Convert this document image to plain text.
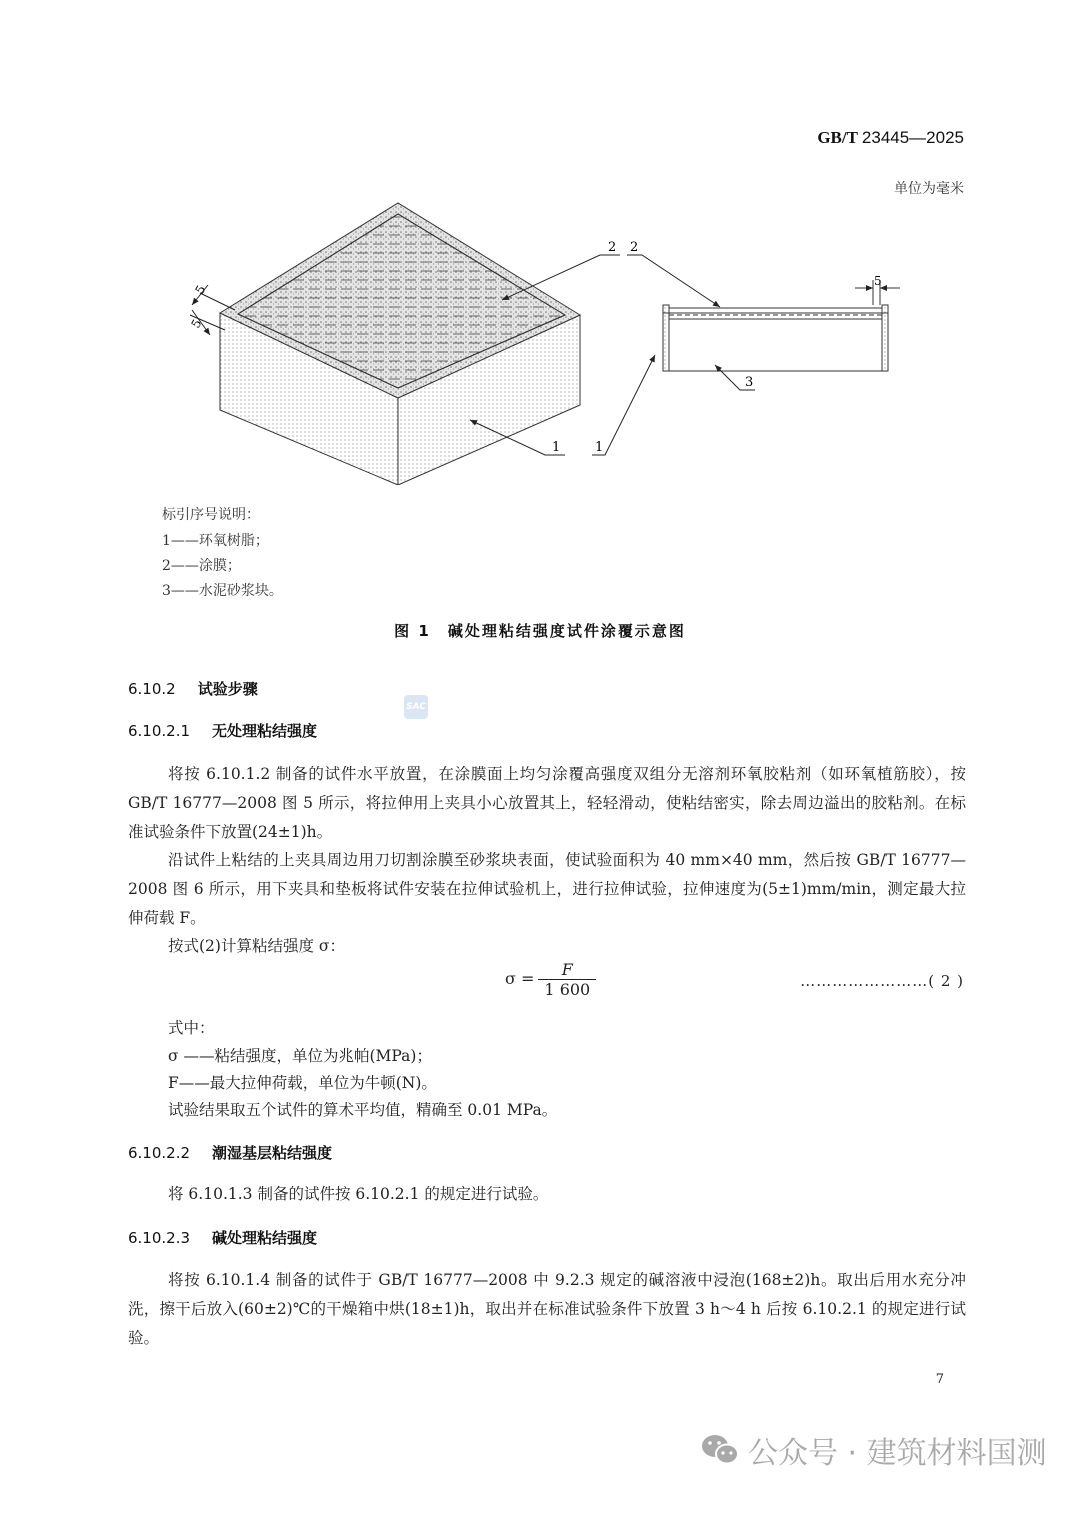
GB/T 23445—2025
单位为毫米
5
5
5
2 2
1	1
3
标引序号说明：
1——环氧树脂；
2——涂膜；
3——水泥砂浆块。
图 1　碱处理粘结强度试件涂覆示意图
6.10.2 试验步骤
SAC
6.10.2.1 无处理粘结强度
将按 6.10.1.2 制备的试件水平放置，在涂膜面上均匀涂覆高强度双组分无溶剂环氧胶粘剂（如环氧植筋胶），按 GB/T 16777—2008 图 5 所示，将拉伸用上夹具小心放置其上，轻轻滑动，使粘结密实，除去周边溢出的胶粘剂。在标准试验条件下放置(24±1)h。
沿试件上粘结的上夹具周边用刀切割涂膜至砂浆块表面，使试验面积为 40 mm×40 mm，然后按 GB/T 16777—2008 图 6 所示，用下夹具和垫板将试件安装在拉伸试验机上，进行拉伸试验，拉伸速度为(5±1)mm/min，测定最大拉伸荷载 F。
按式(2)计算粘结强度 σ：
$\sigma = \frac{F}{1 600}$	……………………( 2 )
式中：
σ ——粘结强度，单位为兆帕(MPa)；
F——最大拉伸荷载，单位为牛顿(N)。
试验结果取五个试件的算术平均值，精确至 0.01 MPa。
6.10.2.2 潮湿基层粘结强度
将 6.10.1.3 制备的试件按 6.10.2.1 的规定进行试验。
6.10.2.3 碱处理粘结强度
将按 6.10.1.4 制备的试件于 GB/T 16777—2008 中 9.2.3 规定的碱溶液中浸泡(168±2)h。取出后用水充分冲洗，擦干后放入(60±2)℃的干燥箱中烘(18±1)h，取出并在标准试验条件下放置 3 h～4 h 后按 6.10.2.1 的规定进行试验。
7
公众号 · 建筑材料国测
